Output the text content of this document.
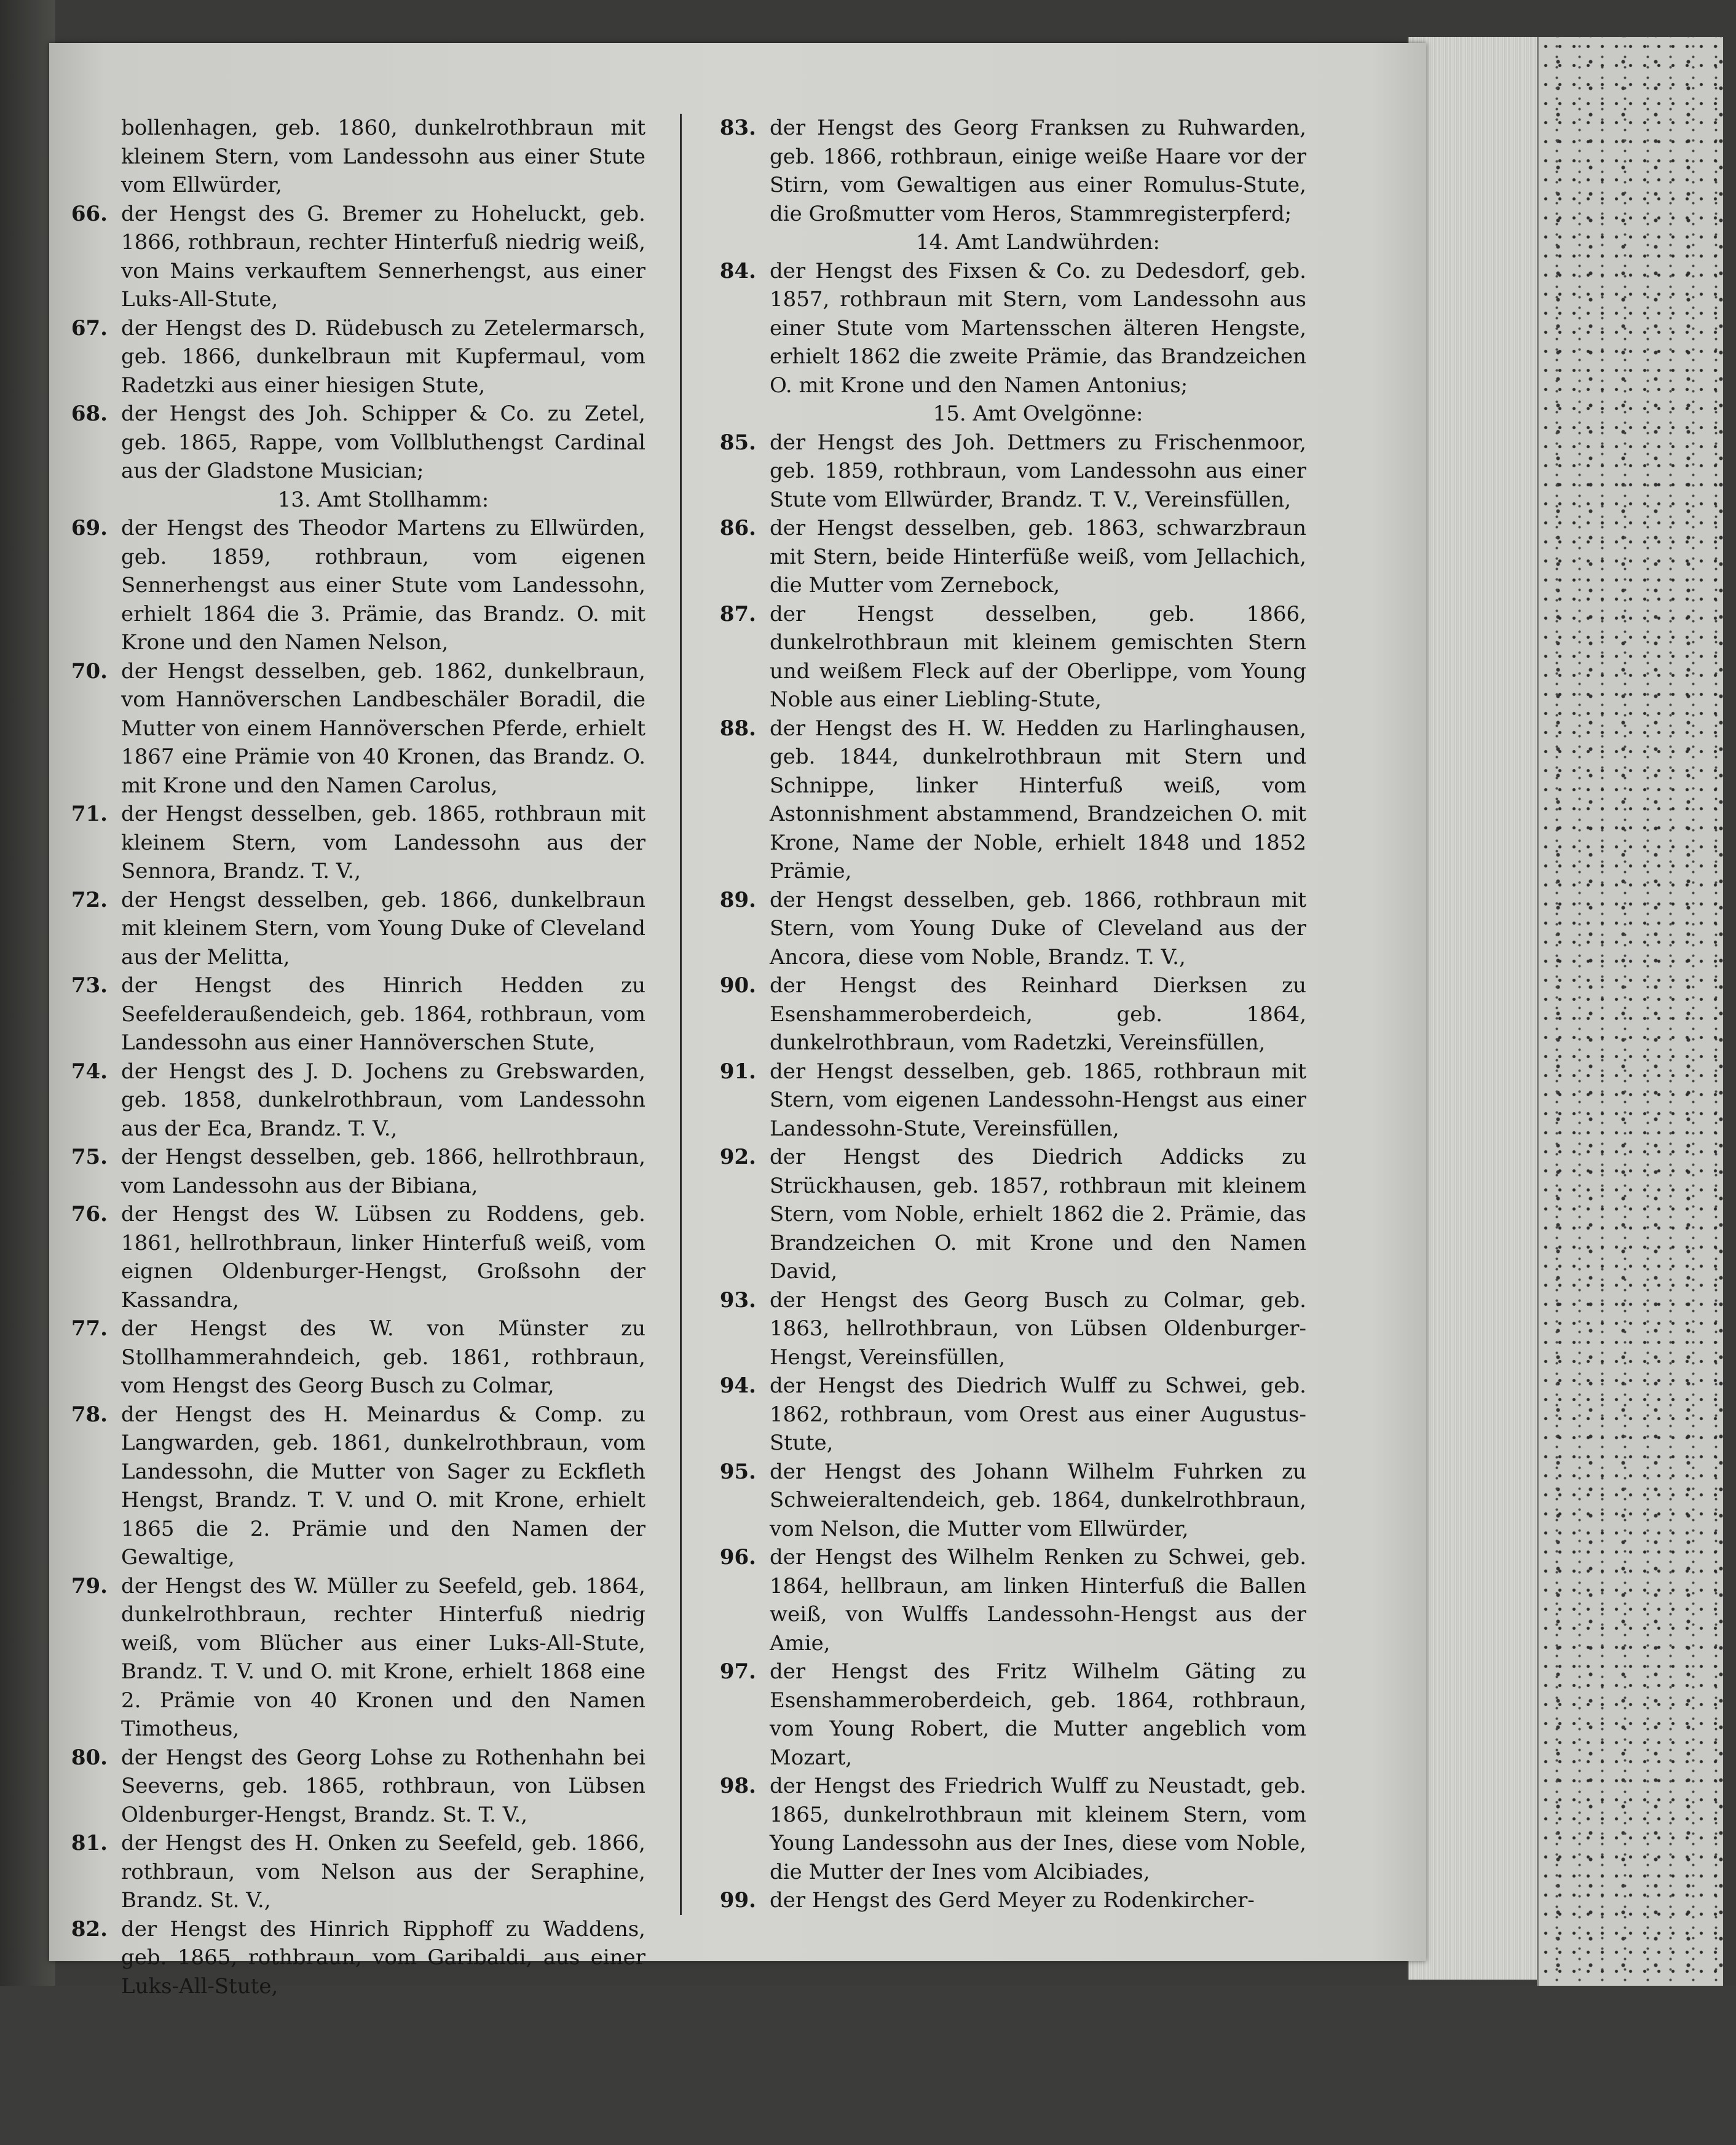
bollenhagen, geb. 1860, dunkelrothbraun mit kleinem Stern, vom Landessohn aus einer Stute vom Ellwürder,

66. der Hengst des G. Bremer zu Hoheluckt, geb. 1866, rothbraun, rechter Hinterfuß niedrig weiß, von Mains verkauftem Sennerhengst, aus einer Luks-All-Stute,

67. der Hengst des D. Rüdebusch zu Zetelermarsch, geb. 1866, dunkelbraun mit Kupfermaul, vom Radetzki aus einer hiesigen Stute,

68. der Hengst des Joh. Schipper & Co. zu Zetel, geb. 1865, Rappe, vom Vollbluthengst Cardinal aus der Gladstone Musician;

13. Amt Stollhamm:

69. der Hengst des Theodor Martens zu Ellwürden, geb. 1859, rothbraun, vom eigenen Sennerhengst aus einer Stute vom Landessohn, erhielt 1864 die 3. Prämie, das Brandz. O. mit Krone und den Namen Nelson,

70. der Hengst desselben, geb. 1862, dunkelbraun, vom Hannöverschen Landbeschäler Boradil, die Mutter von einem Hannöverschen Pferde, erhielt 1867 eine Prämie von 40 Kronen, das Brandz. O. mit Krone und den Namen Carolus,

71. der Hengst desselben, geb. 1865, rothbraun mit kleinem Stern, vom Landessohn aus der Sennora, Brandz. T. V.,

72. der Hengst desselben, geb. 1866, dunkelbraun mit kleinem Stern, vom Young Duke of Cleveland aus der Melitta,

73. der Hengst des Hinrich Hedden zu Seefelderaußendeich, geb. 1864, rothbraun, vom Landessohn aus einer Hannöverschen Stute,

74. der Hengst des J. D. Jochens zu Grebswarden, geb. 1858, dunkelrothbraun, vom Landessohn aus der Eca, Brandz. T. V.,

75. der Hengst desselben, geb. 1866, hellrothbraun, vom Landessohn aus der Bibiana,

76. der Hengst des W. Lübsen zu Roddens, geb. 1861, hellrothbraun, linker Hinterfuß weiß, vom eignen Oldenburger-Hengst, Großsohn der Kassandra,

77. der Hengst des W. von Münster zu Stollhammerahndeich, geb. 1861, rothbraun, vom Hengst des Georg Busch zu Colmar,

78. der Hengst des H. Meinardus & Comp. zu Langwarden, geb. 1861, dunkelrothbraun, vom Landessohn, die Mutter von Sager zu Eckfleth Hengst, Brandz. T. V. und O. mit Krone, erhielt 1865 die 2. Prämie und den Namen der Gewaltige,

79. der Hengst des W. Müller zu Seefeld, geb. 1864, dunkelrothbraun, rechter Hinterfuß niedrig weiß, vom Blücher aus einer Luks-All-Stute, Brandz. T. V. und O. mit Krone, erhielt 1868 eine 2. Prämie von 40 Kronen und den Namen Timotheus,

80. der Hengst des Georg Lohse zu Rothenhahn bei Seeverns, geb. 1865, rothbraun, von Lübsen Oldenburger-Hengst, Brandz. St. T. V.,

81. der Hengst des H. Onken zu Seefeld, geb. 1866, rothbraun, vom Nelson aus der Seraphine, Brandz. St. V.,

82. der Hengst des Hinrich Ripphoff zu Waddens, geb. 1865, rothbraun, vom Garibaldi, aus einer Luks-All-Stute,

83. der Hengst des Georg Franksen zu Ruhwarden, geb. 1866, rothbraun, einige weiße Haare vor der Stirn, vom Gewaltigen aus einer Romulus-Stute, die Großmutter vom Heros, Stammregisterpferd;

14. Amt Landwührden:

84. der Hengst des Fixsen & Co. zu Dedesdorf, geb. 1857, rothbraun mit Stern, vom Landessohn aus einer Stute vom Martensschen älteren Hengste, erhielt 1862 die zweite Prämie, das Brandzeichen O. mit Krone und den Namen Antonius;

15. Amt Ovelgönne:

85. der Hengst des Joh. Dettmers zu Frischenmoor, geb. 1859, rothbraun, vom Landessohn aus einer Stute vom Ellwürder, Brandz. T. V., Vereinsfüllen,

86. der Hengst desselben, geb. 1863, schwarzbraun mit Stern, beide Hinterfüße weiß, vom Jellachich, die Mutter vom Zernebock,

87. der Hengst desselben, geb. 1866, dunkelrothbraun mit kleinem gemischten Stern und weißem Fleck auf der Oberlippe, vom Young Noble aus einer Liebling-Stute,

88. der Hengst des H. W. Hedden zu Harlinghausen, geb. 1844, dunkelrothbraun mit Stern und Schnippe, linker Hinterfuß weiß, vom Astonnishment abstammend, Brandzeichen O. mit Krone, Name der Noble, erhielt 1848 und 1852 Prämie,

89. der Hengst desselben, geb. 1866, rothbraun mit Stern, vom Young Duke of Cleveland aus der Ancora, diese vom Noble, Brandz. T. V.,

90. der Hengst des Reinhard Dierksen zu Esenshammeroberdeich, geb. 1864, dunkelrothbraun, vom Radetzki, Vereinsfüllen,

91. der Hengst desselben, geb. 1865, rothbraun mit Stern, vom eigenen Landessohn-Hengst aus einer Landessohn-Stute, Vereinsfüllen,

92. der Hengst des Diedrich Addicks zu Strückhausen, geb. 1857, rothbraun mit kleinem Stern, vom Noble, erhielt 1862 die 2. Prämie, das Brandzeichen O. mit Krone und den Namen David,

93. der Hengst des Georg Busch zu Colmar, geb. 1863, hellrothbraun, von Lübsen Oldenburger-Hengst, Vereinsfüllen,

94. der Hengst des Diedrich Wulff zu Schwei, geb. 1862, rothbraun, vom Orest aus einer Augustus-Stute,

95. der Hengst des Johann Wilhelm Fuhrken zu Schweieraltendeich, geb. 1864, dunkelrothbraun, vom Nelson, die Mutter vom Ellwürder,

96. der Hengst des Wilhelm Renken zu Schwei, geb. 1864, hellbraun, am linken Hinterfuß die Ballen weiß, von Wulffs Landessohn-Hengst aus der Amie,

97. der Hengst des Fritz Wilhelm Gäting zu Esenshammeroberdeich, geb. 1864, rothbraun, vom Young Robert, die Mutter angeblich vom Mozart,

98. der Hengst des Friedrich Wulff zu Neustadt, geb. 1865, dunkelrothbraun mit kleinem Stern, vom Young Landessohn aus der Ines, diese vom Noble, die Mutter der Ines vom Alcibiades,

99. der Hengst des Gerd Meyer zu Rodenkircher-
